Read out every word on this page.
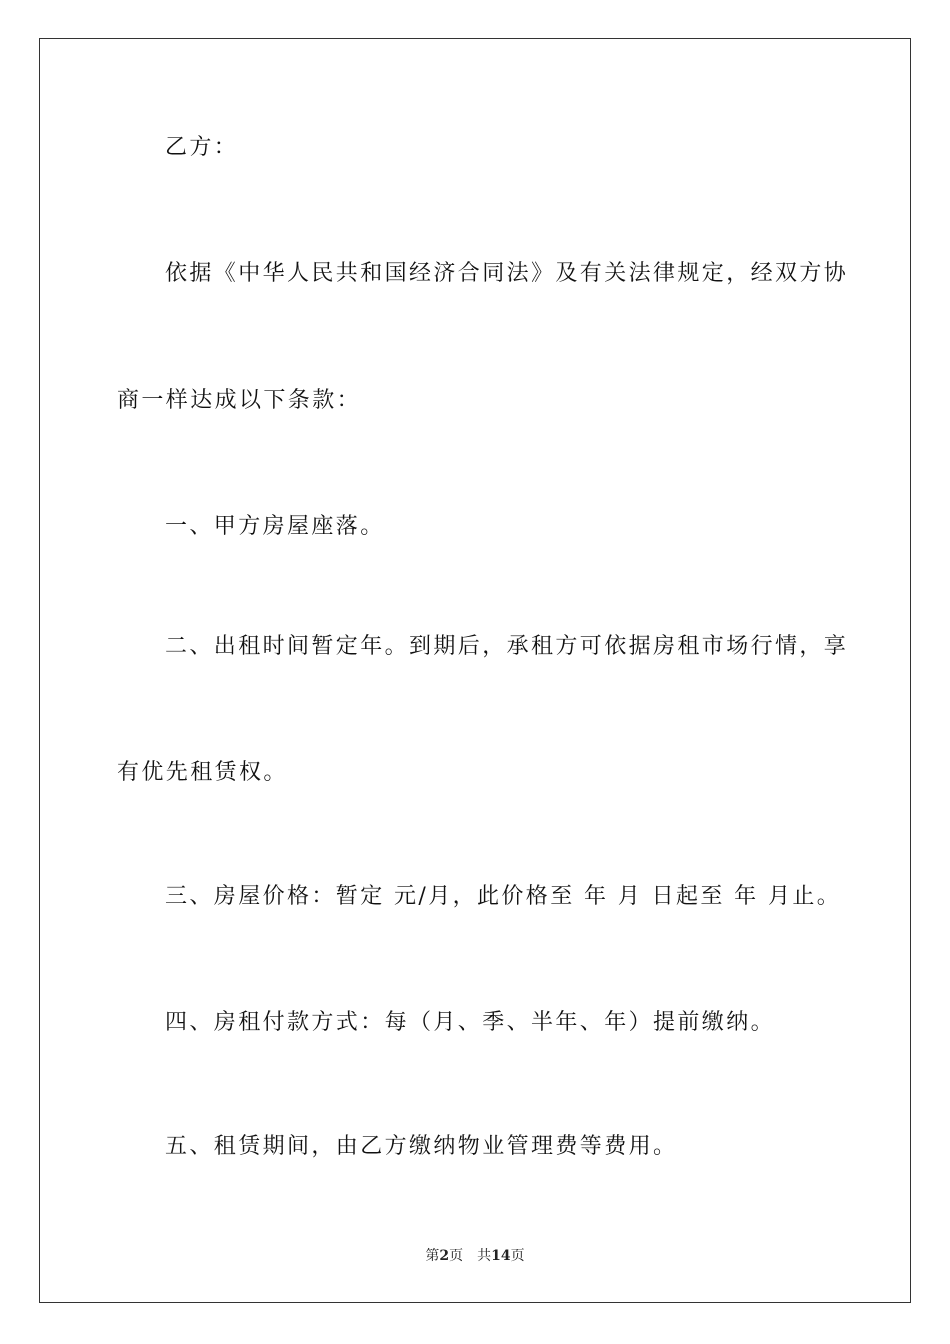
乙方：
依据《中华人民共和国经济合同法》及有关法律规定，经双方协
商一样达成以下条款：
一、甲方房屋座落。
二、出租时间暂定年。到期后，承租方可依据房租市场行情，享
有优先租赁权。
三、房屋价格：暂定 元/月，此价格至 年 月 日起至 年 月止。
四、房租付款方式：每（月、季、半年、年）提前缴纳。
五、租赁期间，由乙方缴纳物业管理费等费用。
第2页 共14页
